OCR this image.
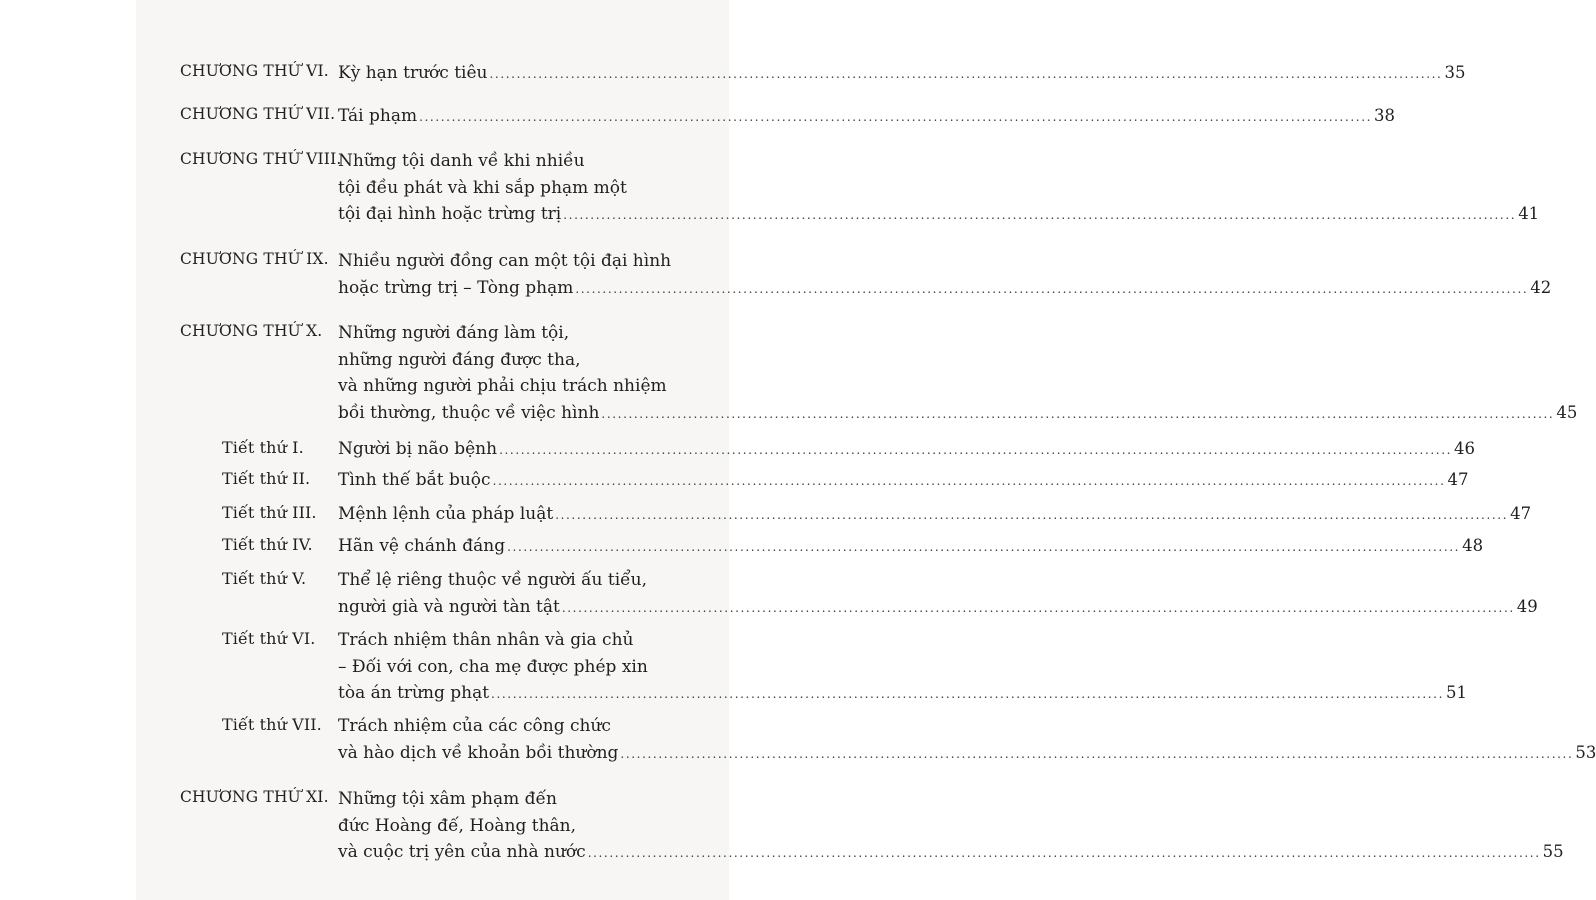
CHƯƠNG THỨ VI. Kỳ hạn trước tiêu ................................................................................................................................................................................ 35
CHƯƠNG THỨ VII. Tái phạm ................................................................................................................................................................................ 38
CHƯƠNG THỨ VIII.
Những tội danh về khi nhiều
tội đều phát và khi sắp phạm một
tội đại hình hoặc trừng trị ................................................................................................................................................................................ 41
CHƯƠNG THỨ IX. Nhiều người đồng can một tội đại hình
hoặc trừng trị – Tòng phạm ................................................................................................................................................................................ 42
CHƯƠNG THỨ X. Những người đáng làm tội,
những người đáng được tha,
và những người phải chịu trách nhiệm
bồi thường, thuộc về việc hình ................................................................................................................................................................................ 45
Tiết thứ I. Người bị não bệnh ................................................................................................................................................................................ 46
Tiết thứ II. Tình thế bắt buộc ................................................................................................................................................................................ 47
Tiết thứ III. Mệnh lệnh của pháp luật ................................................................................................................................................................................ 47
Tiết thứ IV. Hãn vệ chánh đáng ................................................................................................................................................................................ 48
Tiết thứ V. Thể lệ riêng thuộc về người ấu tiểu,
người già và người tàn tật ................................................................................................................................................................................ 49
Tiết thứ VI. Trách nhiệm thân nhân và gia chủ
– Đối với con, cha mẹ được phép xin
tòa án trừng phạt ................................................................................................................................................................................ 51
Tiết thứ VII. Trách nhiệm của các công chức
và hào dịch về khoản bồi thường ................................................................................................................................................................................ 53
CHƯƠNG THỨ XI. Những tội xâm phạm đến
đức Hoàng đế, Hoàng thân,
và cuộc trị yên của nhà nước ................................................................................................................................................................................ 55
